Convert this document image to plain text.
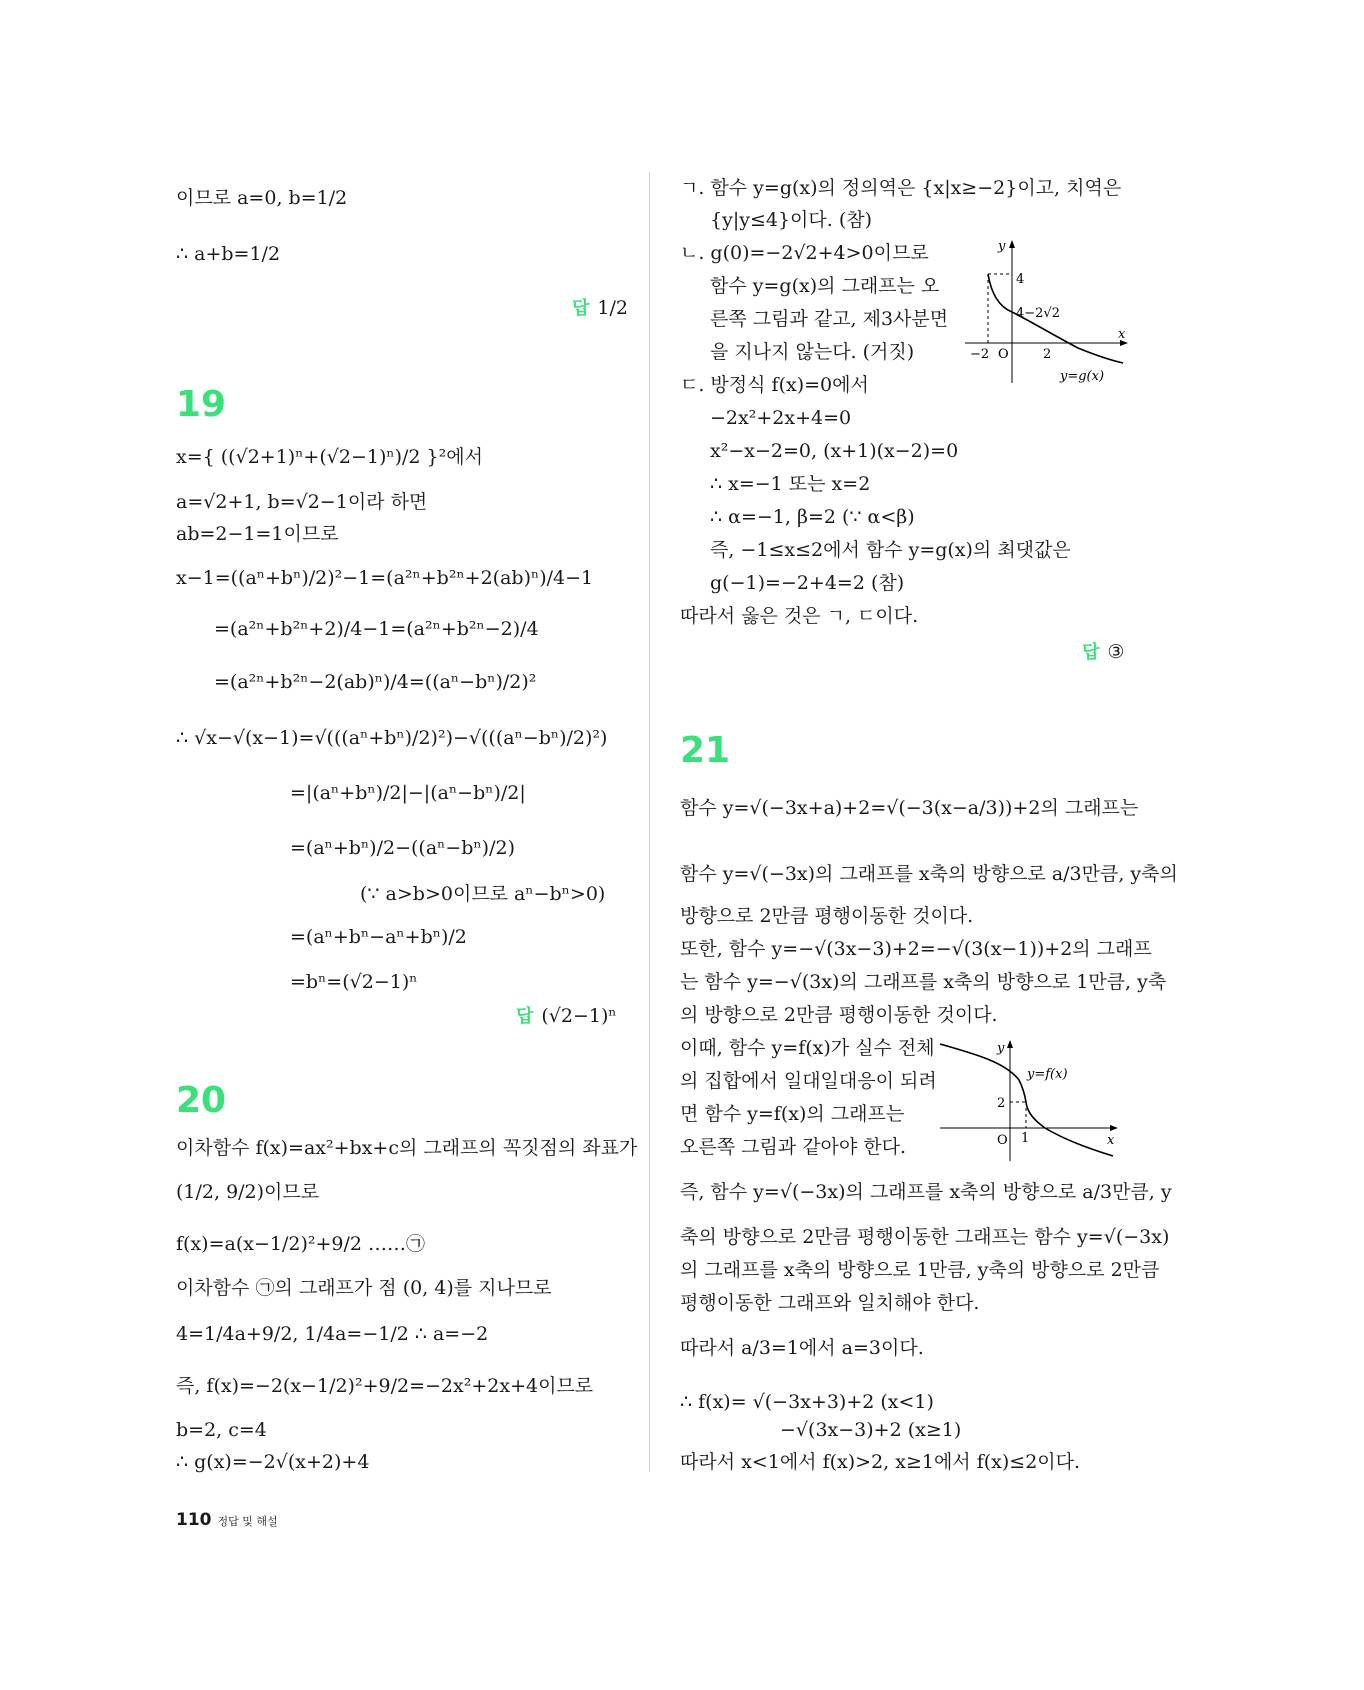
이므로 a=0, b=1/2
∴ a+b=1/2
답 1/2
19
x={ ((√2+1)ⁿ+(√2−1)ⁿ)/2 }²에서
a=√2+1, b=√2−1이라 하면
ab=2−1=1이므로
x−1=((aⁿ+bⁿ)/2)²−1=(a²ⁿ+b²ⁿ+2(ab)ⁿ)/4−1
=(a²ⁿ+b²ⁿ+2)/4−1=(a²ⁿ+b²ⁿ−2)/4
=(a²ⁿ+b²ⁿ−2(ab)ⁿ)/4=((aⁿ−bⁿ)/2)²
∴ √x−√(x−1)=√(((aⁿ+bⁿ)/2)²)−√(((aⁿ−bⁿ)/2)²)
=|(aⁿ+bⁿ)/2|−|(aⁿ−bⁿ)/2|
=(aⁿ+bⁿ)/2−((aⁿ−bⁿ)/2)
(∵ a>b>0이므로 aⁿ−bⁿ>0)
=(aⁿ+bⁿ−aⁿ+bⁿ)/2
=bⁿ=(√2−1)ⁿ
답 (√2−1)ⁿ
20
이차함수 f(x)=ax²+bx+c의 그래프의 꼭짓점의 좌표가
(1/2, 9/2)이므로
f(x)=a(x−1/2)²+9/2 ……㉠
이차함수 ㉠의 그래프가 점 (0, 4)를 지나므로
4=1/4a+9/2, 1/4a=−1/2 ∴ a=−2
즉, f(x)=−2(x−1/2)²+9/2=−2x²+2x+4이므로
b=2, c=4
∴ g(x)=−2√(x+2)+4
ㄱ. 함수 y=g(x)의 정의역은 {x|x≥−2}이고, 치역은
{y|y≤4}이다. (참)
ㄴ. g(0)=−2√2+4>0이므로
함수 y=g(x)의 그래프는 오
른쪽 그림과 같고, 제3사분면
을 지나지 않는다. (거짓)
ㄷ. 방정식 f(x)=0에서
−2x²+2x+4=0
x²−x−2=0, (x+1)(x−2)=0
∴ x=−1 또는 x=2
∴ α=−1, β=2 (∵ α<β)
즉, −1≤x≤2에서 함수 y=g(x)의 최댓값은
g(−1)=−2+4=2 (참)
따라서 옳은 것은 ㄱ, ㄷ이다.
답 ③
y
x
4
4−2√2
−2 O	2
y=g(x)
21
함수 y=√(−3x+a)+2=√(−3(x−a/3))+2의 그래프는
함수 y=√(−3x)의 그래프를 x축의 방향으로 a/3만큼, y축의
방향으로 2만큼 평행이동한 것이다.
또한, 함수 y=−√(3x−3)+2=−√(3(x−1))+2의 그래프
는 함수 y=−√(3x)의 그래프를 x축의 방향으로 1만큼, y축
의 방향으로 2만큼 평행이동한 것이다.
이때, 함수 y=f(x)가 실수 전체
의 집합에서 일대일대응이 되려
면 함수 y=f(x)의 그래프는
오른쪽 그림과 같아야 한다.
즉, 함수 y=√(−3x)의 그래프를 x축의 방향으로 a/3만큼, y
축의 방향으로 2만큼 평행이동한 그래프는 함수 y=√(−3x)
의 그래프를 x축의 방향으로 1만큼, y축의 방향으로 2만큼
평행이동한 그래프와 일치해야 한다.
따라서 a/3=1에서 a=3이다.
∴ f(x)= √(−3x+3)+2 (x<1)
−√(3x−3)+2 (x≥1)
따라서 x<1에서 f(x)>2, x≥1에서 f(x)≤2이다.
y
x
y=f(x)
2
O 1
110 정답 및 해설
